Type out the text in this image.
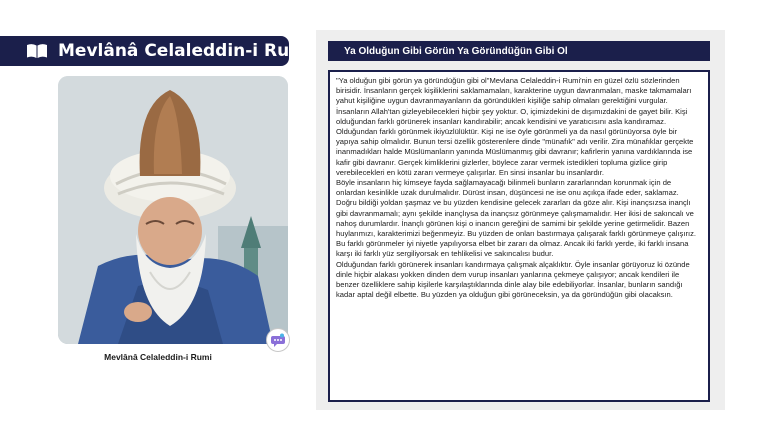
Mevlânâ Celaleddin-i Rumi
Mevlânâ Celaleddin-i Rumi
Ya Olduğun Gibi Görün Ya Göründüğün Gibi Ol

"Ya olduğun gibi görün ya göründüğün gibi ol"Mevlana Celaleddin-i Rumi'nin en güzel özlü sözlerinden birisidir. İnsanların gerçek kişiliklerini saklamamaları, karakterine uygun davranmaları, maske takmamaları yahut kişiliğine uygun davranmayanların da göründükleri kişiliğe sahip olmaları gerektiğini vurgular.

İnsanların Allah'tan gizleyebilecekleri hiçbir şey yoktur. O, içimizdekini de dışımızdakini de gayet bilir. Kişi olduğundan farklı görünerek insanları kandırabilir; ancak kendisini ve yaratıcısını asla kandıramaz. Olduğundan farklı görünmek ikiyüzlülüktür. Kişi ne ise öyle görünmeli ya da nasıl görünüyorsa öyle bir yapıya sahip olmalıdır. Bunun tersi özellik gösterenlere dinde "münafık" adı verilir. Zira münafıklar gerçekte inanmadıkları halde Müslümanların yanında Müslümanmış gibi davranır; kafirlerin yanına vardıklarında ise kafir gibi davranır. Gerçek kimliklerini gizlerler, böylece zarar vermek istedikleri topluma gizlice girip verebilecekleri en kötü zararı vermeye çalışırlar. En sinsi insanlar bu insanlardır.

Böyle insanların hiç kimseye fayda sağlamayacağı bilinmeli bunların zararlarından korunmak için de onlardan kesinlikle uzak durulmalıdır. Dürüst insan, düşüncesi ne ise onu açıkça ifade eder, saklamaz. Doğru bildiği yoldan şaşmaz ve bu yüzden kendisine gelecek zararları da göze alır. Kişi inançsızsa inançlı gibi davranmamalı; aynı şekilde inançlıysa da inançsız görünmeye çalışmamalıdır. Her ikisi de sakıncalı ve nahoş durumlardır. İnançlı görünen kişi o inancın gereğini de samimi bir şekilde yerine getirmelidir. Bazen huylarımızı, karakterimizi beğenmeyiz. Bu yüzden de onları bastırmaya çalışarak farklı görünmeye çalışırız. Bu farklı görünmeler iyi niyetle yapılıyorsa elbet bir zararı da olmaz. Ancak iki farklı yerde, iki farklı insana karşı iki farklı yüz sergiliyorsak en tehlikelisi ve sakıncalısı budur.

Olduğundan farklı görünerek insanları kandırmaya çalışmak alçaklıktır. Öyle insanlar görüyoruz ki özünde dinle hiçbir alakası yokken dinden dem vurup insanları yanlarına çekmeye çalışıyor; ancak kendileri ile benzer özelliklere sahip kişilerle karşılaştıklarında dinle alay bile edebiliyorlar. İnsanlar, bunların sandığı kadar aptal değil elbette. Bu yüzden ya olduğun gibi görüneceksin, ya da göründüğün gibi olacaksın.
